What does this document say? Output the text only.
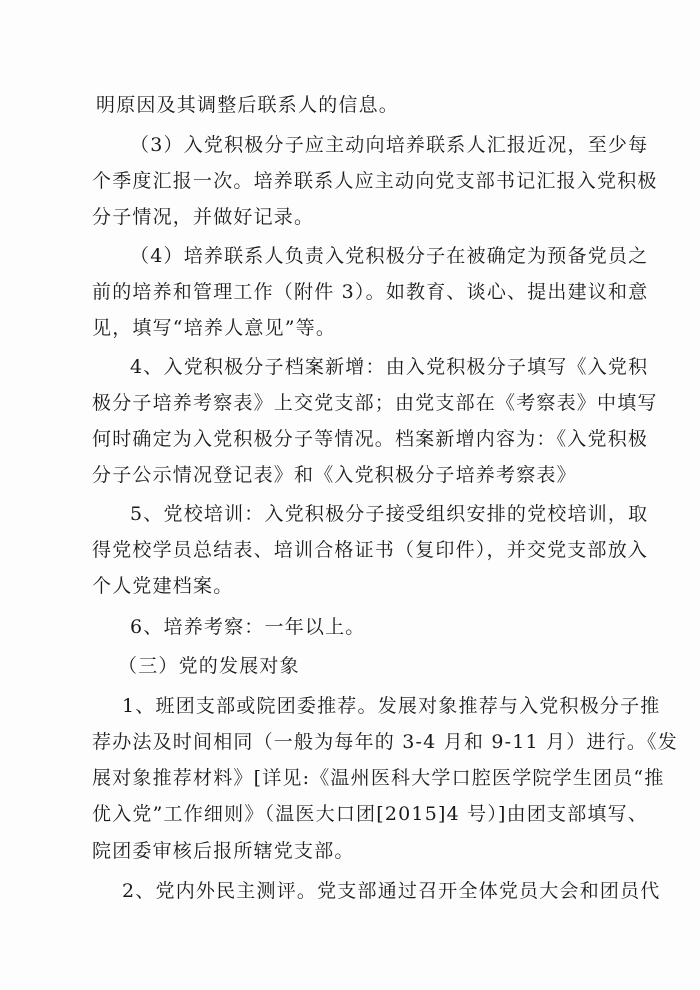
明原因及其调整后联系人的信息。
（3）入党积极分子应主动向培养联系人汇报近况，至少每
个季度汇报一次。培养联系人应主动向党支部书记汇报入党积极
分子情况，并做好记录。
（4）培养联系人负责入党积极分子在被确定为预备党员之
前的培养和管理工作（附件 3）。如教育、谈心、提出建议和意
见，填写“培养人意见”等。
4、入党积极分子档案新增：由入党积极分子填写《入党积
极分子培养考察表》上交党支部；由党支部在《考察表》中填写
何时确定为入党积极分子等情况。档案新增内容为：《入党积极
分子公示情况登记表》和《入党积极分子培养考察表》
5、党校培训：入党积极分子接受组织安排的党校培训，取
得党校学员总结表、培训合格证书（复印件），并交党支部放入
个人党建档案。
6、培养考察：一年以上。
（三）党的发展对象
1、班团支部或院团委推荐。发展对象推荐与入党积极分子推
荐办法及时间相同（一般为每年的 3-4 月和 9-11 月）进行。《发
展对象推荐材料》[详见:《温州医科大学口腔医学院学生团员“推
优入党”工作细则》（温医大口团[2015]4 号）]由团支部填写、
院团委审核后报所辖党支部。
2、党内外民主测评。党支部通过召开全体党员大会和团员代
